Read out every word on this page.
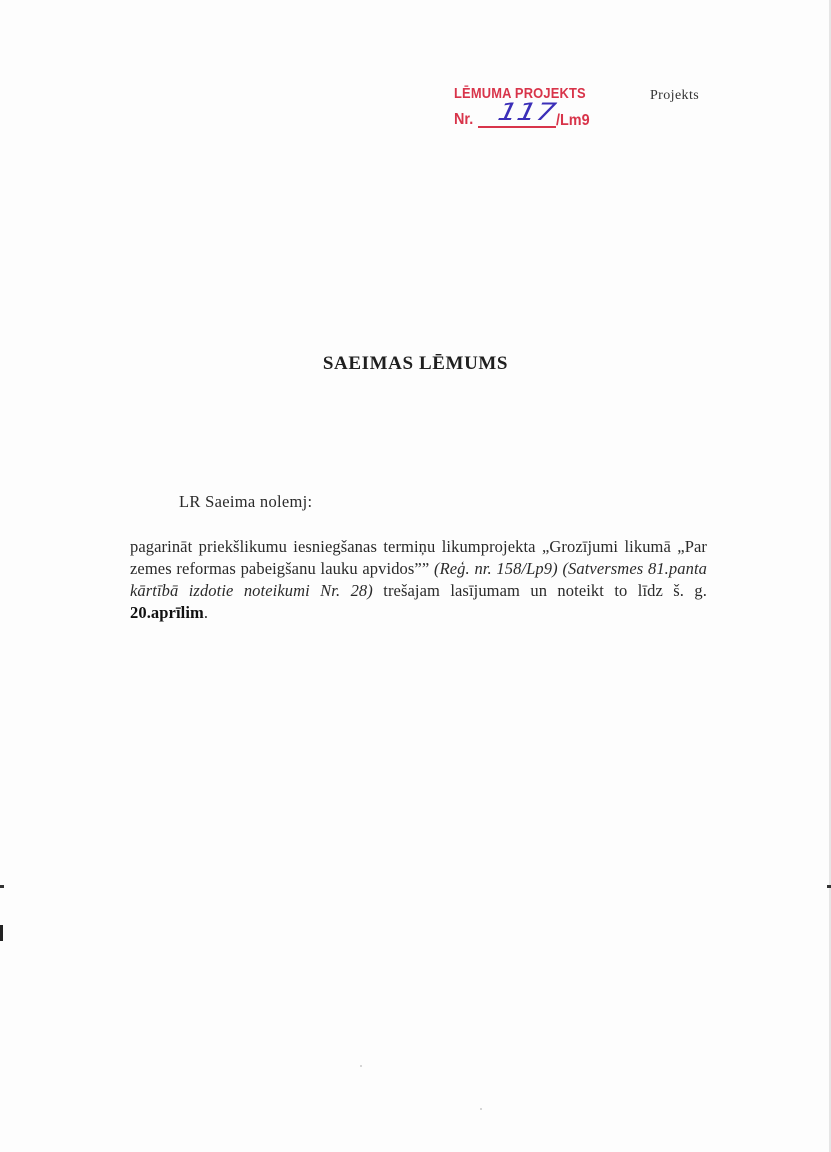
LĒMUMA PROJEKTS
Nr. 117
/Lm9
Projekts
SAEIMAS LĒMUMS
LR Saeima nolemj:
pagarināt priekšlikumu iesniegšanas termiņu likumprojekta „Grozījumi likumā „Par zemes reformas pabeigšanu lauku apvidos”” (Reģ. nr. 158/Lp9) (Satversmes 81.panta kārtībā izdotie noteikumi Nr. 28) trešajam lasījumam un noteikt to līdz š. g. 20.aprīlim.
